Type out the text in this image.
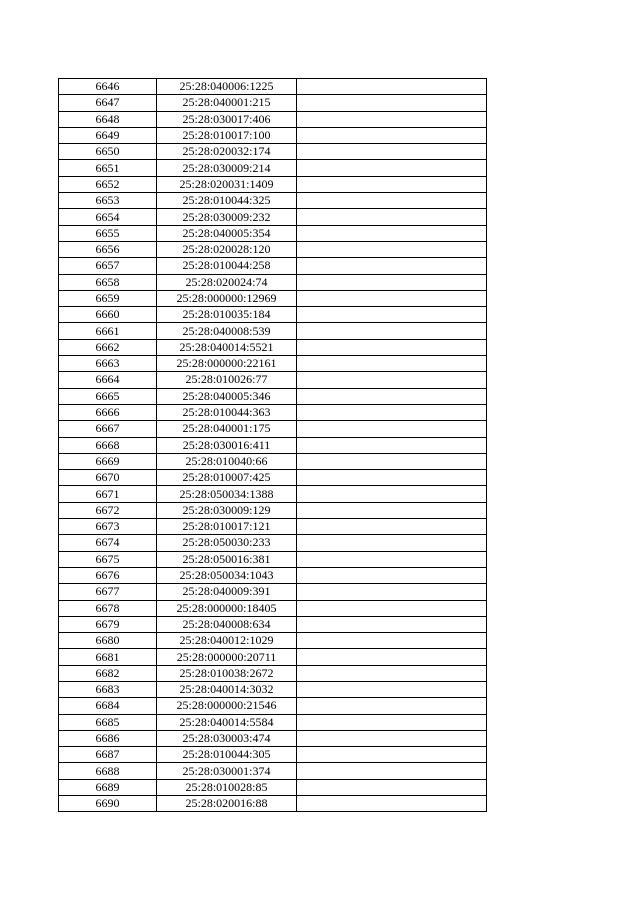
6646	25:28:040006:1225	
6647	25:28:040001:215	
6648	25:28:030017:406	
6649	25:28:010017:100	
6650	25:28:020032:174	
6651	25:28:030009:214	
6652	25:28:020031:1409	
6653	25:28:010044:325	
6654	25:28:030009:232	
6655	25:28:040005:354	
6656	25:28:020028:120	
6657	25:28:010044:258	
6658	25:28:020024:74	
6659	25:28:000000:12969	
6660	25:28:010035:184	
6661	25:28:040008:539	
6662	25:28:040014:5521	
6663	25:28:000000:22161	
6664	25:28:010026:77	
6665	25:28:040005:346	
6666	25:28:010044:363	
6667	25:28:040001:175	
6668	25:28:030016:411	
6669	25:28:010040:66	
6670	25:28:010007:425	
6671	25:28:050034:1388	
6672	25:28:030009:129	
6673	25:28:010017:121	
6674	25:28:050030:233	
6675	25:28:050016:381	
6676	25:28:050034:1043	
6677	25:28:040009:391	
6678	25:28:000000:18405	
6679	25:28:040008:634	
6680	25:28:040012:1029	
6681	25:28:000000:20711	
6682	25:28:010038:2672	
6683	25:28:040014:3032	
6684	25:28:000000:21546	
6685	25:28:040014:5584	
6686	25:28:030003:474	
6687	25:28:010044:305	
6688	25:28:030001:374	
6689	25:28:010028:85	
6690	25:28:020016:88	
